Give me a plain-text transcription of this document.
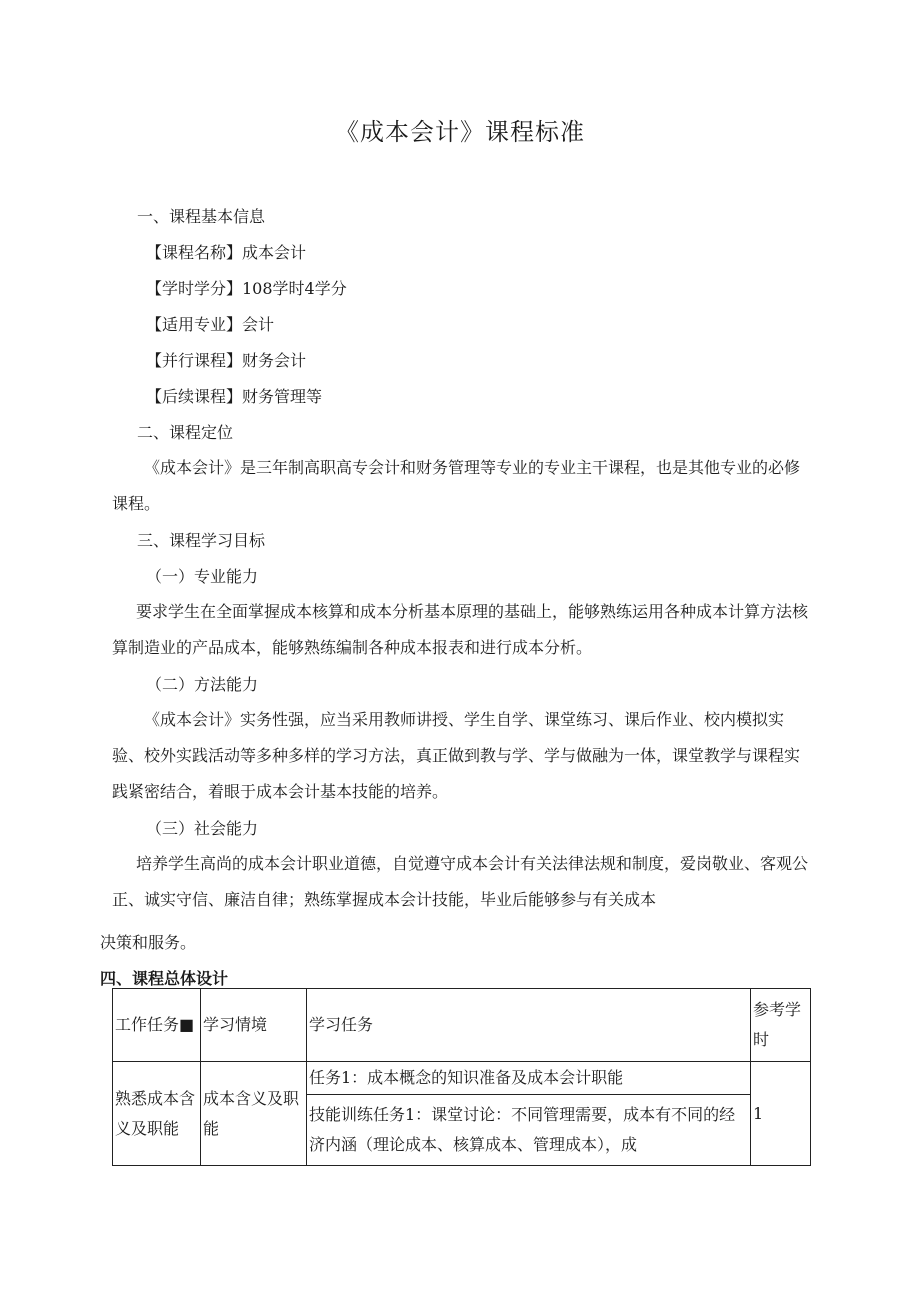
《成本会计》课程标准
一、课程基本信息
【课程名称】成本会计
【学时学分】108学时4学分
【适用专业】会计
【并行课程】财务会计
【后续课程】财务管理等
二、课程定位
《成本会计》是三年制高职高专会计和财务管理等专业的专业主干课程，也是其他专业的必修课程。
三、课程学习目标
（一）专业能力
要求学生在全面掌握成本核算和成本分析基本原理的基础上，能够熟练运用各种成本计算方法核算制造业的产品成本，能够熟练编制各种成本报表和进行成本分析。
（二）方法能力
《成本会计》实务性强，应当采用教师讲授、学生自学、课堂练习、课后作业、校内模拟实验、校外实践活动等多种多样的学习方法，真正做到教与学、学与做融为一体，课堂教学与课程实践紧密结合，着眼于成本会计基本技能的培养。
（三）社会能力
培养学生高尚的成本会计职业道德，自觉遵守成本会计有关法律法规和制度，爱岗敬业、客观公正、诚实守信、廉洁自律；熟练掌握成本会计技能，毕业后能够参与有关成本
决策和服务。
四、课程总体设计
工作任务■	学习情境	学习任务	参考学时
熟悉成本含义及职能	成本含义及职能	任务1：成本概念的知识准备及成本会计职能	1
		技能训练任务1：课堂讨论：不同管理需要，成本有不同的经济内涵（理论成本、核算成本、管理成本），成	
